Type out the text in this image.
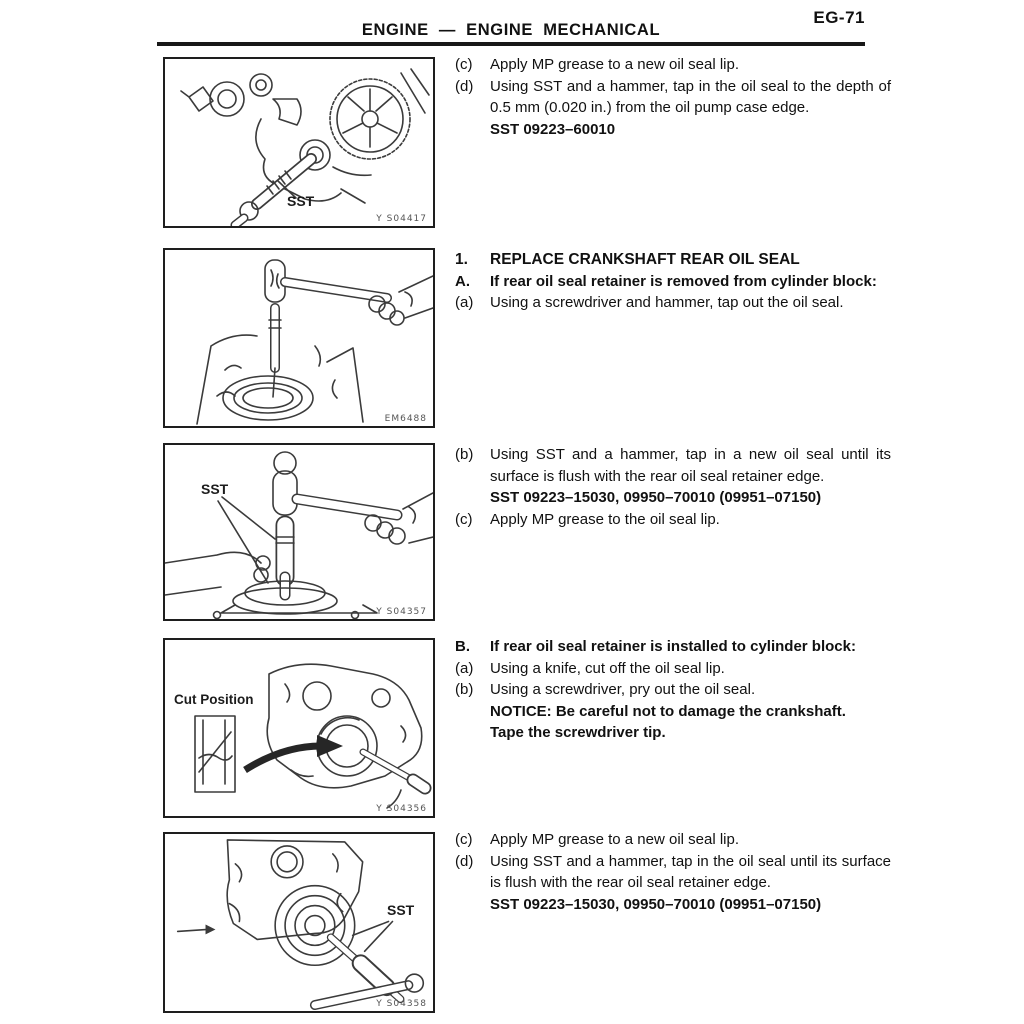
EG-71
ENGINE — ENGINE MECHANICAL
SST
Y S04417
EM6488
SST
Y S04357
Cut Position
Y S04356
SST
Y S04358
(c)	Apply MP grease to a new oil seal lip.
(d)	Using SST and a hammer, tap in the oil seal to the depth of 0.5 mm (0.020 in.) from the oil pump case edge.
SST 09223–60010
1.	REPLACE CRANKSHAFT REAR OIL SEAL
A.	If rear oil seal retainer is removed from cylinder block:
(a)	Using a screwdriver and hammer, tap out the oil seal.
(b)	Using SST and a hammer, tap in a new oil seal until its surface is flush with the rear oil seal retainer edge.
SST 09223–15030, 09950–70010 (09951–07150)
(c)	Apply MP grease to the oil seal lip.
B.	If rear oil seal retainer is installed to cylinder block:
(a)	Using a knife, cut off the oil seal lip.
(b)	Using a screwdriver, pry out the oil seal.
NOTICE: Be careful not to damage the crankshaft.
Tape the screwdriver tip.
(c)	Apply MP grease to a new oil seal lip.
(d)	Using SST and a hammer, tap in the oil seal until its surface is flush with the rear oil seal retainer edge.
SST 09223–15030, 09950–70010 (09951–07150)
